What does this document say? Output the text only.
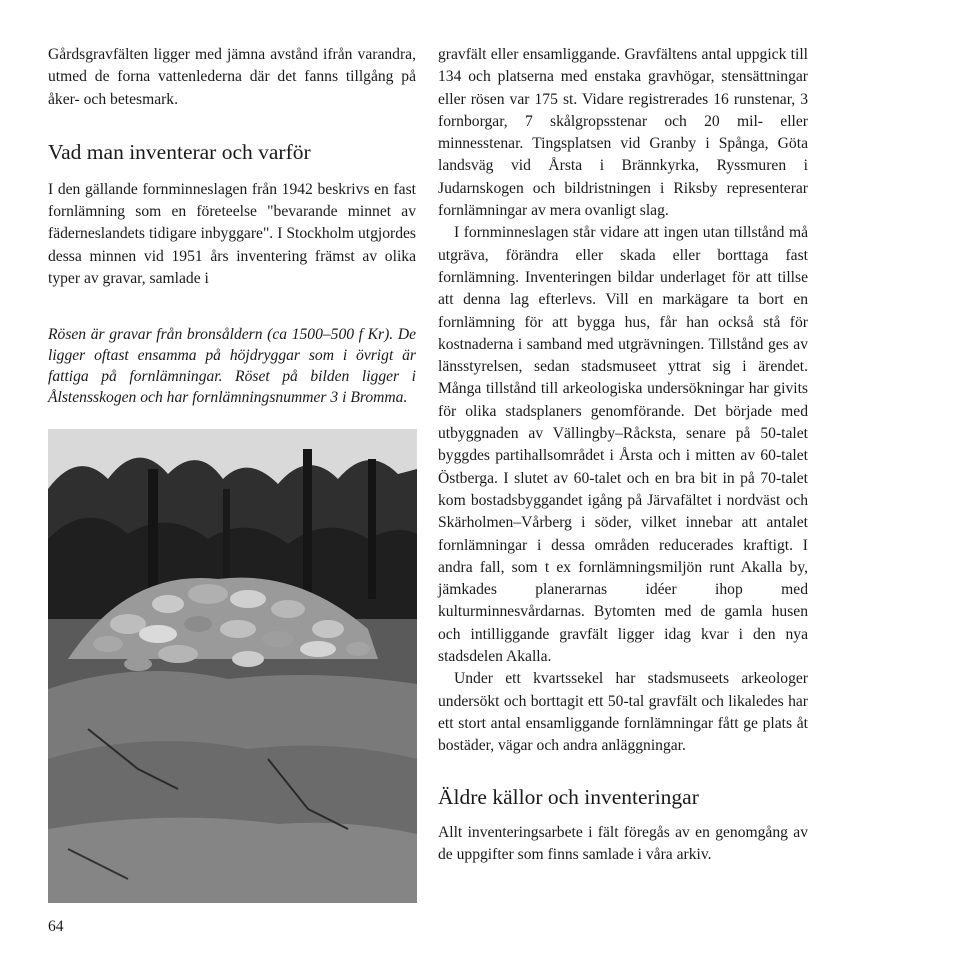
Gårdsgravfälten ligger med jämna avstånd ifrån varandra, utmed de forna vattenlederna där det fanns tillgång på åker- och betesmark.

Vad man inventerar och varför

I den gällande fornminneslagen från 1942 beskrivs en fast fornlämning som en företeelse "bevarande minnet av fäderneslandets tidigare inbyggare". I Stockholm utgjordes dessa minnen vid 1951 års inventering främst av olika typer av gravar, samlade i

Rösen är gravar från bronsåldern (ca 1500–500 f Kr). De ligger oftast ensamma på höjdryggar som i övrigt är fattiga på fornlämningar. Röset på bilden ligger i Ålstensskogen och har fornlämningsnummer 3 i Bromma.

gravfält eller ensamliggande. Gravfältens antal uppgick till 134 och platserna med enstaka gravhögar, stensättningar eller rösen var 175 st. Vidare registrerades 16 runstenar, 3 fornborgar, 7 skålgropsstenar och 20 mil- eller minnesstenar. Tingsplatsen vid Granby i Spånga, Göta landsväg vid Årsta i Brännkyrka, Ryssmuren i Judarnskogen och bildristningen i Riksby representerar fornlämningar av mera ovanligt slag.

I fornminneslagen står vidare att ingen utan tillstånd må utgräva, förändra eller skada eller borttaga fast fornlämning. Inventeringen bildar underlaget för att tillse att denna lag efterlevs. Vill en markägare ta bort en fornlämning för att bygga hus, får han också stå för kostnaderna i samband med utgrävningen. Tillstånd ges av länsstyrelsen, sedan stadsmuseet yttrat sig i ärendet. Många tillstånd till arkeologiska undersökningar har givits för olika stadsplaners genomförande. Det började med utbyggnaden av Vällingby–Råcksta, senare på 50-talet byggdes partihallsområdet i Årsta och i mitten av 60-talet Östberga. I slutet av 60-talet och en bra bit in på 70-talet kom bostadsbyggandet igång på Järvafältet i nordväst och Skärholmen–Vårberg i söder, vilket innebar att antalet fornlämningar i dessa områden reducerades kraftigt. I andra fall, som t ex fornlämningsmiljön runt Akalla by, jämkades planerarnas idéer ihop med kulturminnesvårdarnas. Bytomten med de gamla husen och intilliggande gravfält ligger idag kvar i den nya stadsdelen Akalla.

Under ett kvartssekel har stadsmuseets arkeologer undersökt och borttagit ett 50-tal gravfält och likaledes har ett stort antal ensamliggande fornlämningar fått ge plats åt bostäder, vägar och andra anläggningar.

Äldre källor och inventeringar

Allt inventeringsarbete i fält föregås av en genomgång av de uppgifter som finns samlade i våra arkiv.

64
